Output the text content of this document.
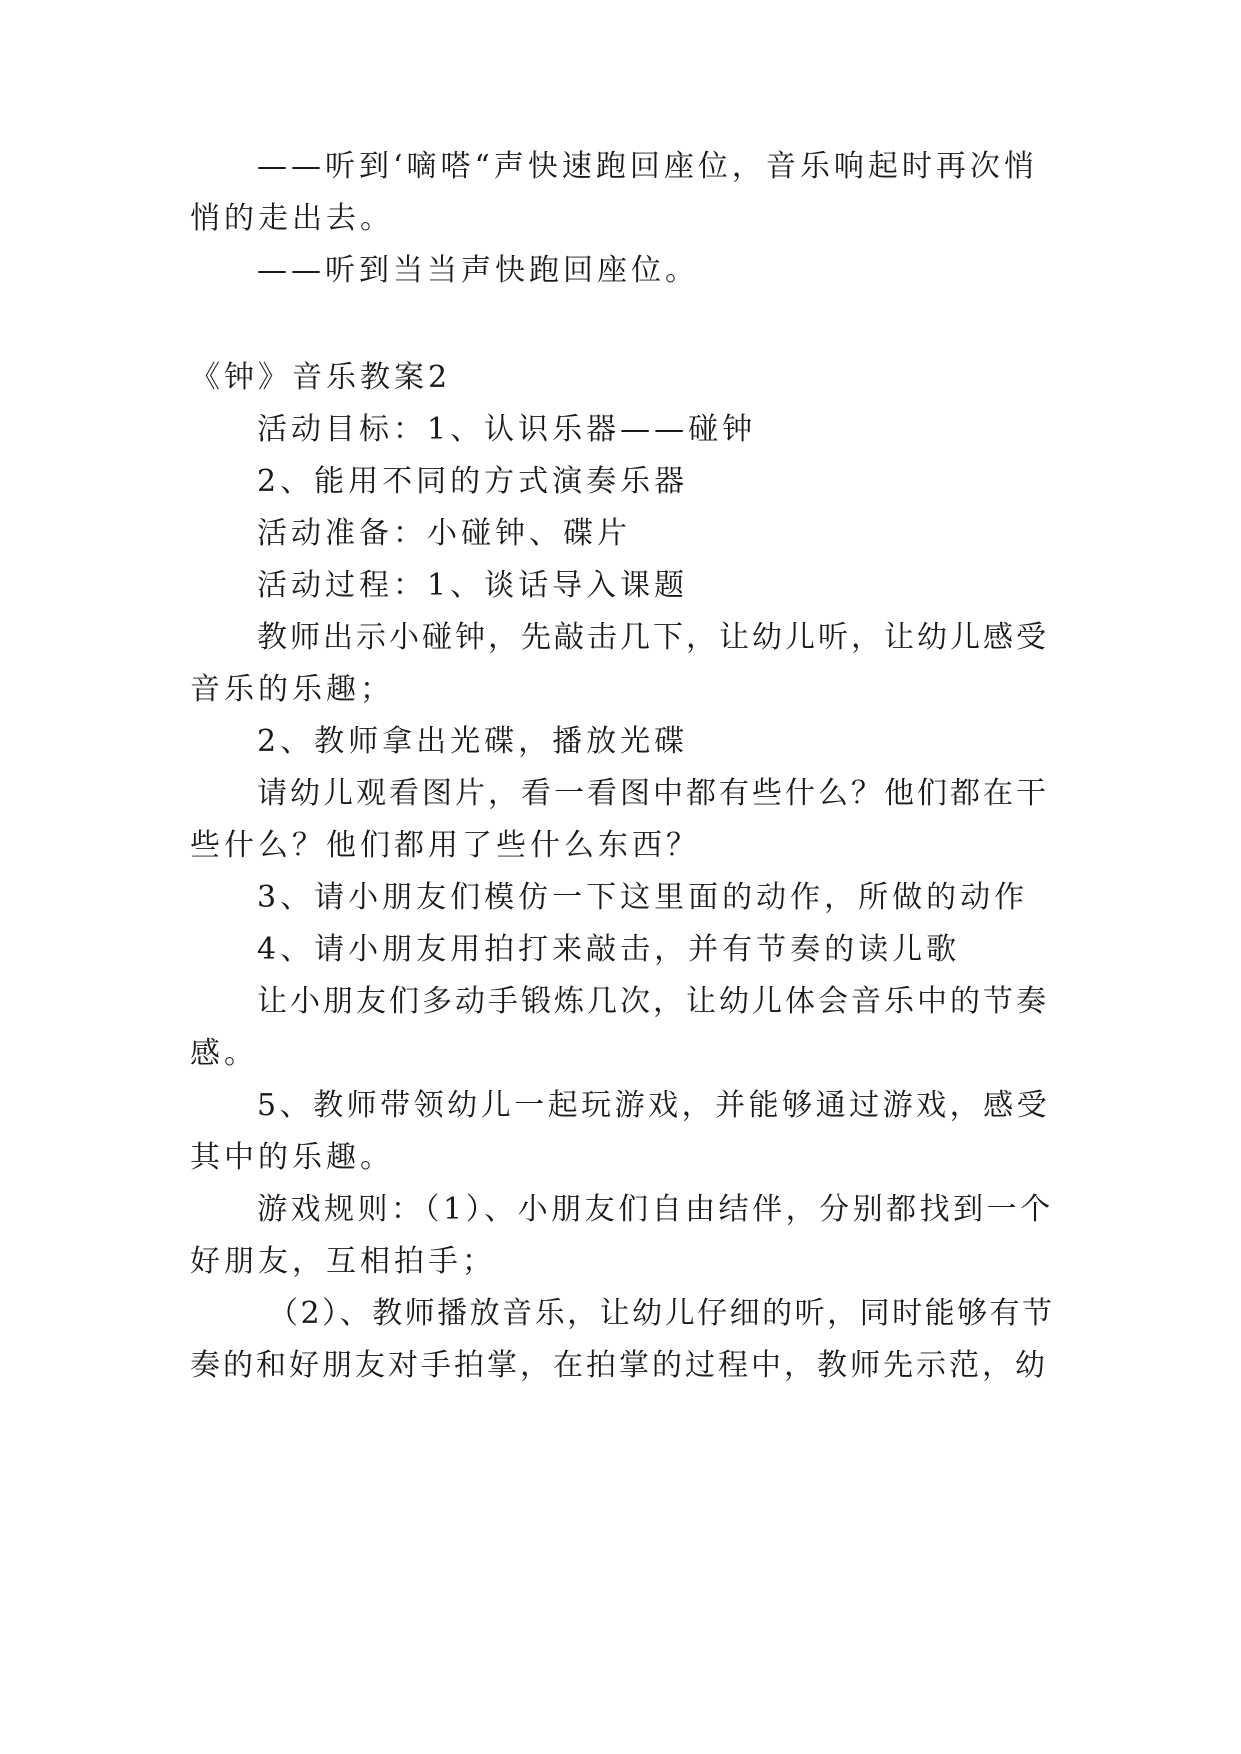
——听到‘嘀嗒“声快速跑回座位，音乐响起时再次悄
悄的走出去。
——听到当当声快跑回座位。
《钟》音乐教案2
活动目标：1、认识乐器——碰钟
2、能用不同的方式演奏乐器
活动准备：小碰钟、碟片
活动过程：1、谈话导入课题
教师出示小碰钟，先敲击几下，让幼儿听，让幼儿感受
音乐的乐趣；
2、教师拿出光碟，播放光碟
请幼儿观看图片，看一看图中都有些什么？他们都在干
些什么？他们都用了些什么东西？
3、请小朋友们模仿一下这里面的动作，所做的动作
4、请小朋友用拍打来敲击，并有节奏的读儿歌
让小朋友们多动手锻炼几次，让幼儿体会音乐中的节奏
感。
5、教师带领幼儿一起玩游戏，并能够通过游戏，感受
其中的乐趣。
游戏规则：（1）、小朋友们自由结伴，分别都找到一个
好朋友，互相拍手；
（2）、教师播放音乐，让幼儿仔细的听，同时能够有节
奏的和好朋友对手拍掌，在拍掌的过程中，教师先示范，幼
